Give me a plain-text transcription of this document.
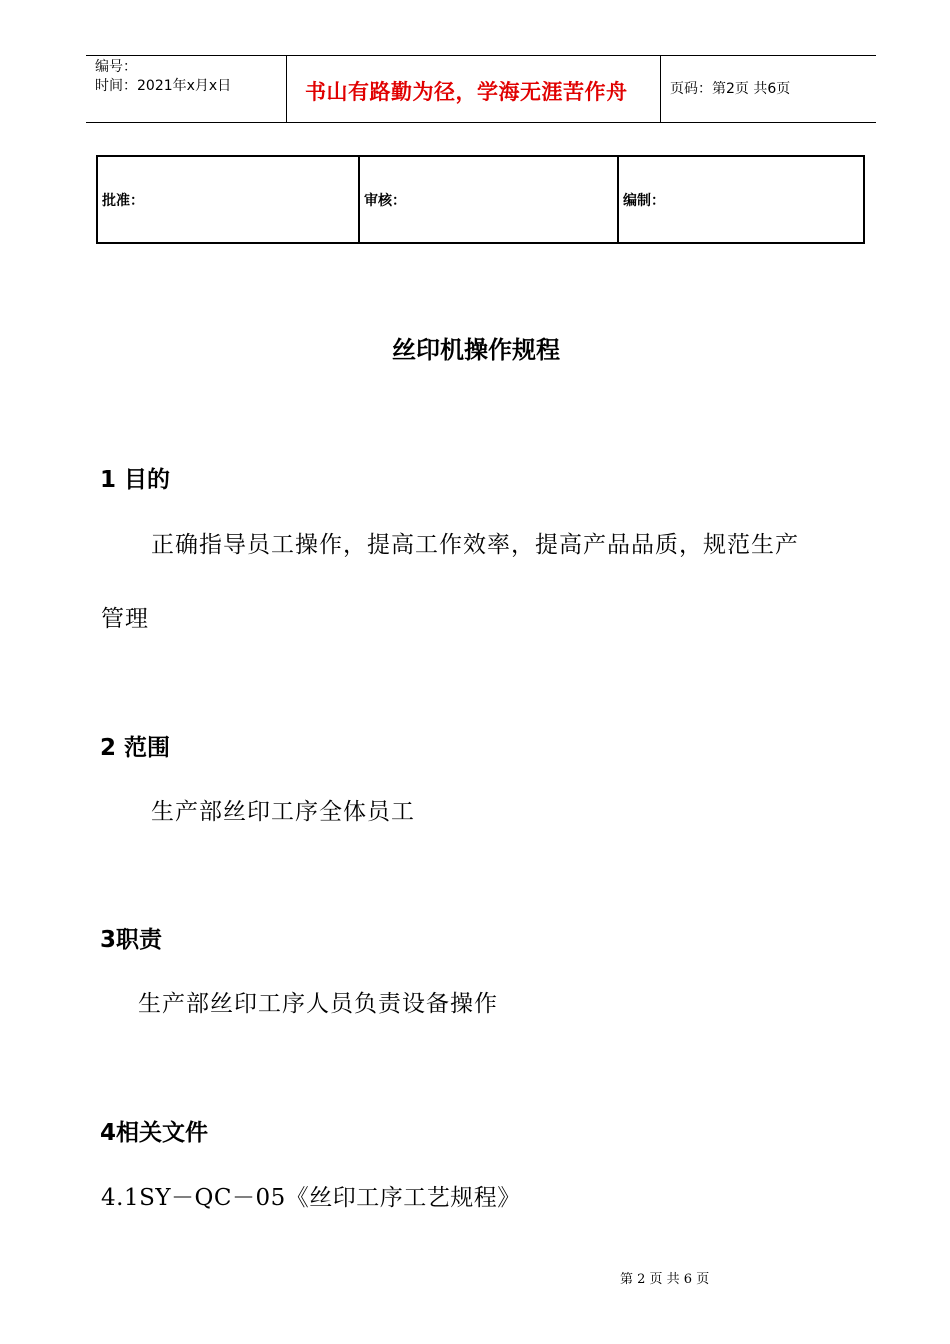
编号：
时间：2021年x月x日	书山有路勤为径，学海无涯苦作舟	页码：第2页 共6页
批准：	审核：	编制：
丝印机操作规程
1 目的
正确指导员工操作，提高工作效率，提高产品品质，规范生产
管理
2 范围
生产部丝印工序全体员工
3职责
生产部丝印工序人员负责设备操作
4相关文件
4.1SY－QC－05《丝印工序工艺规程》
第 2 页 共 6 页
